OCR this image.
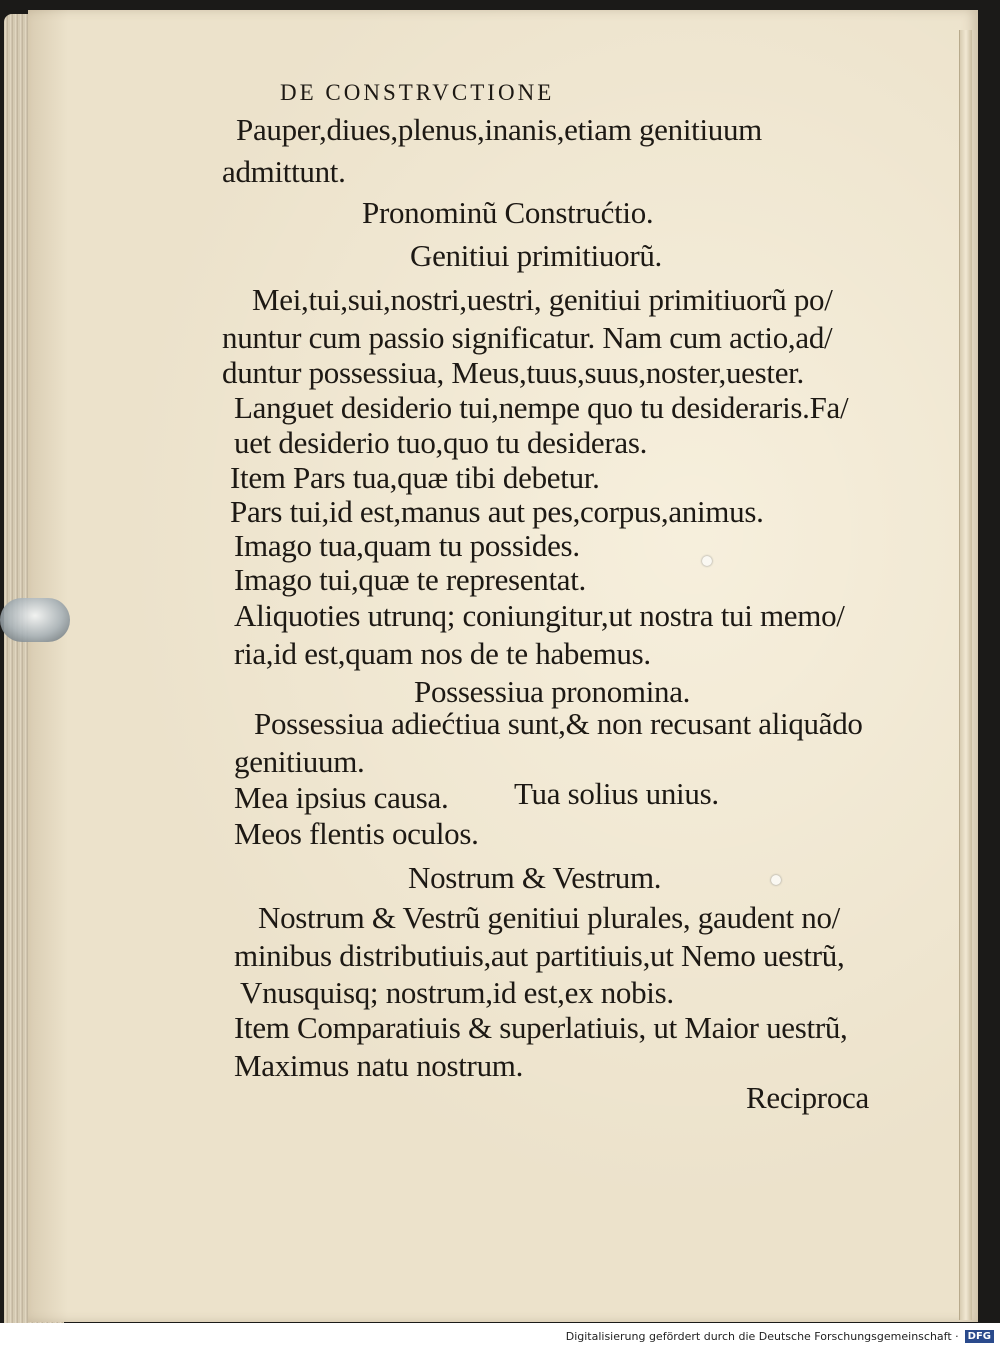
DE CONSTRVCTIONE
Pauper,diues,plenus,inanis,etiam genitiuum
admittunt.
Pronominũ Construćtio.
Genitiui primitiuorũ.
Mei,tui,sui,nostri,uestri, genitiui primitiuorũ po/
nuntur cum passio significatur. Nam cum actio,ad/
duntur possessiua, Meus,tuus,suus,noster,uester.
Languet desiderio tui,nempe quo tu desideraris.Fa/
uet desiderio tuo,quo tu desideras.
Item Pars tua,quæ tibi debetur.
Pars tui,id est,manus aut pes,corpus,animus.
Imago tua,quam tu possides.
Imago tui,quæ te representat.
Aliquoties utrunq; coniungitur,ut nostra tui memo/
ria,id est,quam nos de te habemus.
Possessiua pronomina.
Possessiua adiećtiua sunt,& non recusant aliquãdo
genitiuum.
Mea ipsius causa. Tua solius unius.
Meos flentis oculos.
Nostrum & Vestrum.
Nostrum & Vestrũ genitiui plurales, gaudent no/
minibus distributiuis,aut partitiuis,ut Nemo uestrũ,
Vnusquisq; nostrum,id est,ex nobis.
Item Comparatiuis & superlatiuis, ut Maior uestrũ,
Maximus natu nostrum.
Reciproca
Digitalisierung gefördert durch die Deutsche Forschungsgemeinschaft · DFG
